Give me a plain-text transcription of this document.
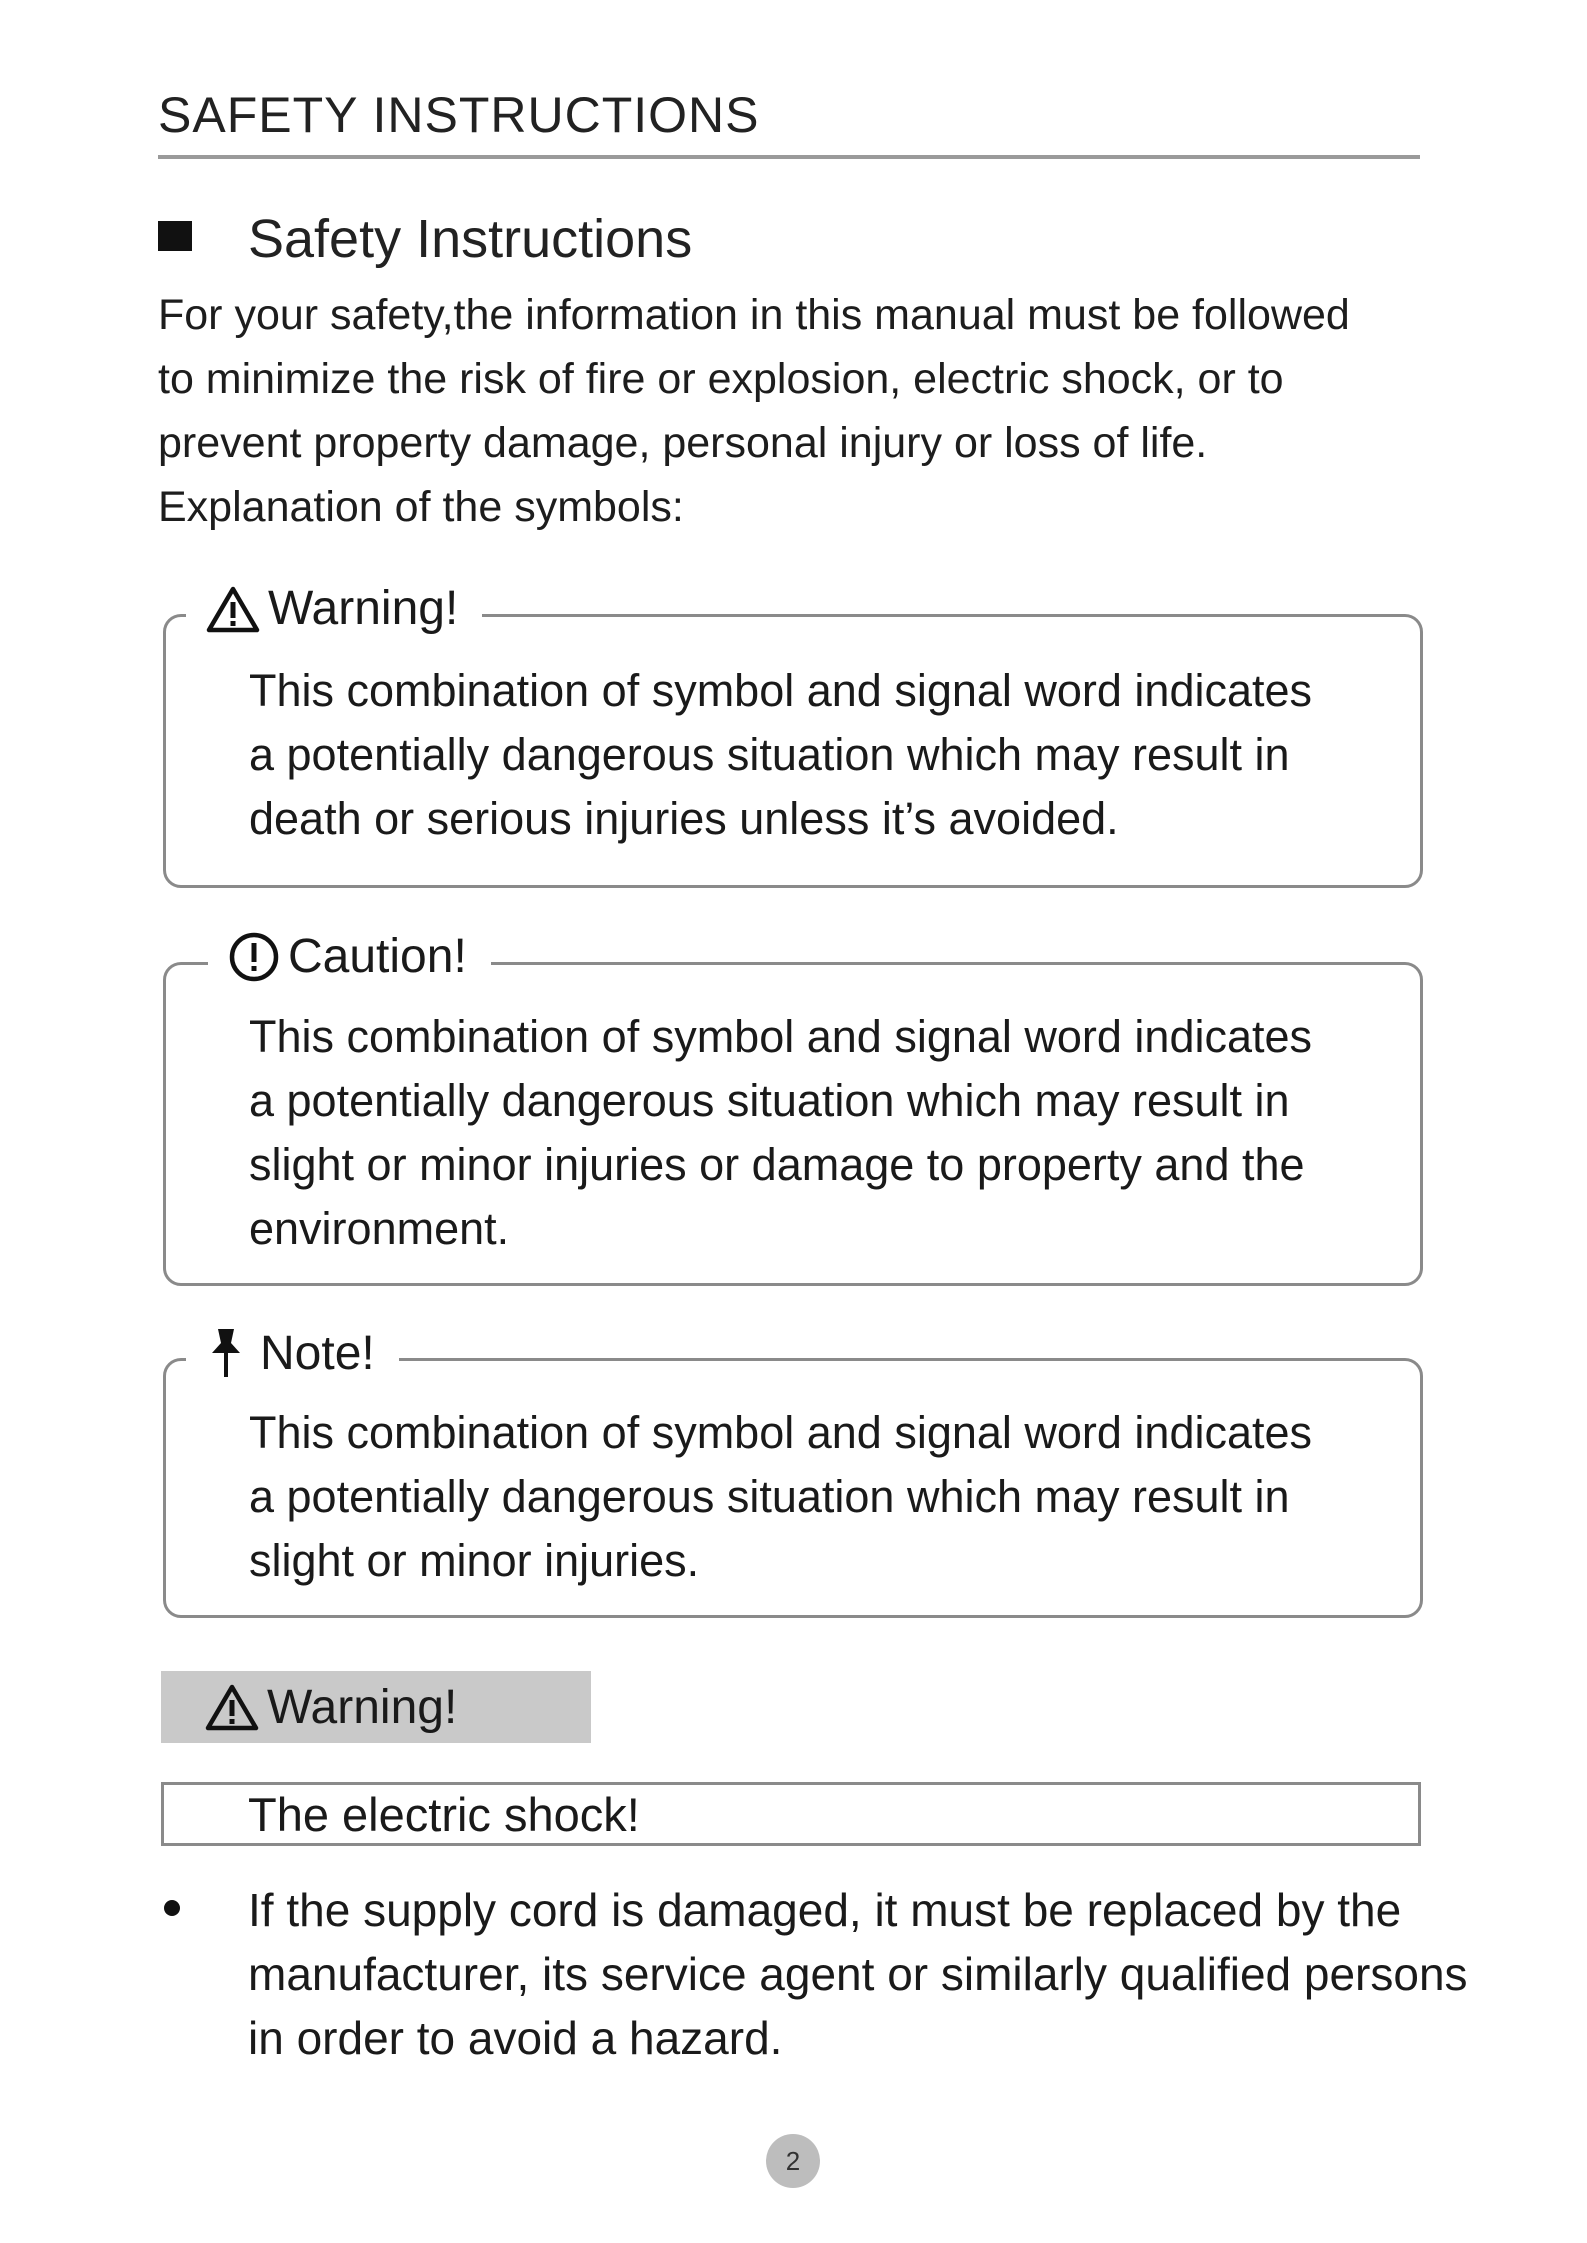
SAFETY INSTRUCTIONS
Safety Instructions

For your safety,the information in this manual must be followed

to minimize the risk of fire or explosion, electric shock, or to

prevent property damage, personal injury or loss of life.

Explanation of the symbols:

Warning!
This combination of symbol and signal word indicates
a potentially dangerous situation which may result in
death or serious injuries unless it’s avoided.
Caution!
This combination of symbol and signal word indicates
a potentially dangerous situation which may result in
slight or minor injuries or damage to property and the
environment.
Note!
This combination of symbol and signal word indicates
a potentially dangerous situation which may result in
slight or minor injuries.
Warning!
The electric shock!
If the supply cord is damaged, it must be replaced by the manufacturer, its service agent or similarly qualified persons in order to avoid a hazard.
2
